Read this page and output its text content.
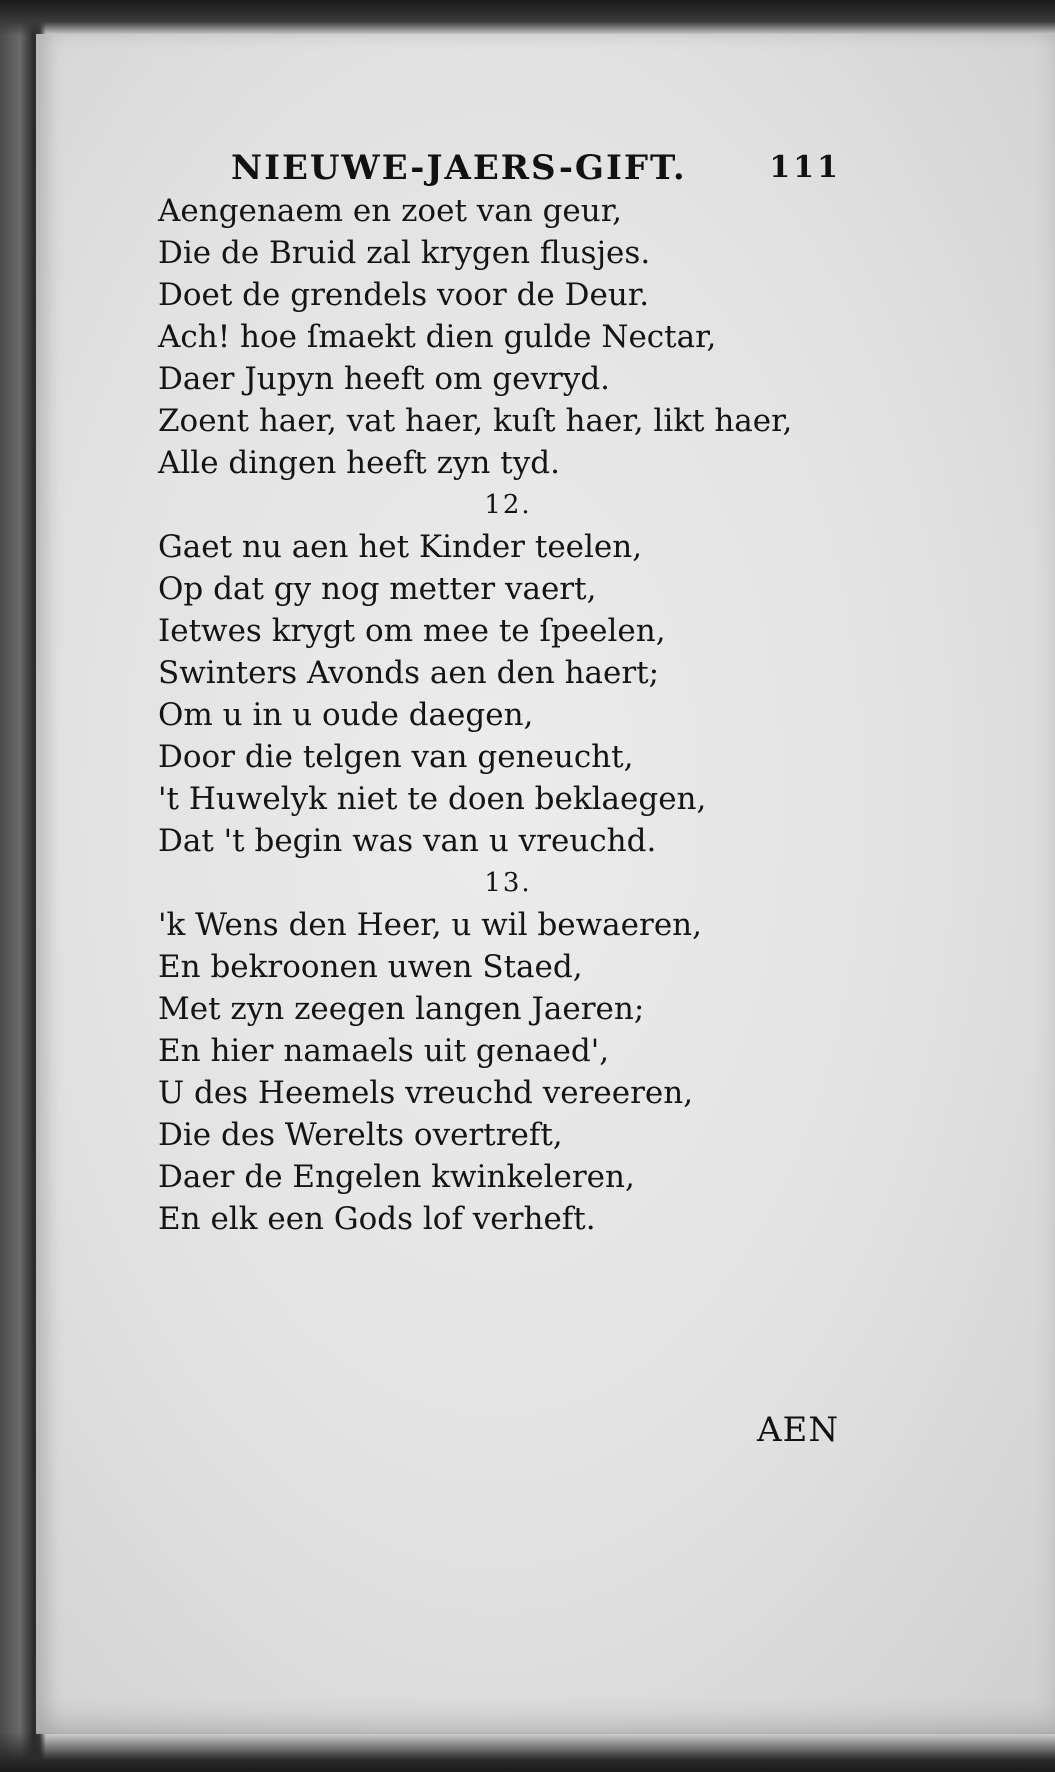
NIEUWE-JAERS-GIFT.	111
Aengenaem en zoet van geur,
Die de Bruid zal krygen flusjes.
Doet de grendels voor de Deur.
Ach! hoe ſmaekt dien gulde Nectar,
Daer Jupyn heeft om gevryd.
Zoent haer, vat haer, kuſt haer, likt haer,
Alle dingen heeft zyn tyd.
12.
Gaet nu aen het Kinder teelen,
Op dat gy nog metter vaert,
Ietwes krygt om mee te ſpeelen,
Swinters Avonds aen den haert;
Om u in u oude daegen,
Door die telgen van geneucht,
't Huwelyk niet te doen beklaegen,
Dat 't begin was van u vreuchd.
13.
'k Wens den Heer, u wil bewaeren,
En bekroonen uwen Staed,
Met zyn zeegen langen Jaeren;
En hier namaels uit genaed',
U des Heemels vreuchd vereeren,
Die des Werelts overtreft,
Daer de Engelen kwinkeleren,
En elk een Gods lof verheft.
AEN
